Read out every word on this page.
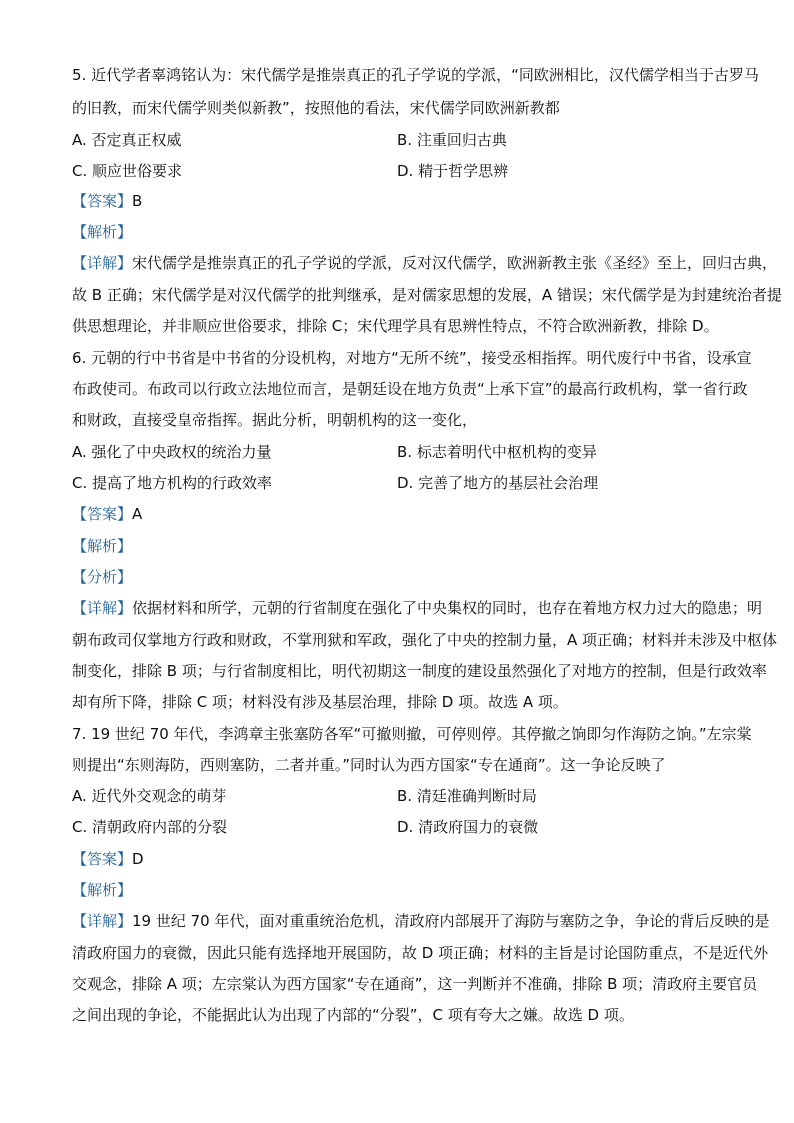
5. 近代学者辜鸿铭认为：宋代儒学是推崇真正的孔子学说的学派，“同欧洲相比，汉代儒学相当于古罗马
的旧教，而宋代儒学则类似新教”，按照他的看法，宋代儒学同欧洲新教都
A. 否定真正权威	B. 注重回归古典
C. 顺应世俗要求	D. 精于哲学思辨
【答案】B
【解析】
【详解】宋代儒学是推崇真正的孔子学说的学派，反对汉代儒学，欧洲新教主张《圣经》至上，回归古典，
故 B 正确；宋代儒学是对汉代儒学的批判继承，是对儒家思想的发展，A 错误；宋代儒学是为封建统治者提
供思想理论，并非顺应世俗要求，排除 C；宋代理学具有思辨性特点，不符合欧洲新教，排除 D。
6. 元朝的行中书省是中书省的分设机构，对地方“无所不统”，接受丞相指挥。明代废行中书省，设承宣
布政使司。布政司以行政立法地位而言，是朝廷设在地方负责“上承下宣”的最高行政机构，掌一省行政
和财政，直接受皇帝指挥。据此分析，明朝机构的这一变化，
A. 强化了中央政权的统治力量	B. 标志着明代中枢机构的变异
C. 提高了地方机构的行政效率	D. 完善了地方的基层社会治理
【答案】A
【解析】
【分析】
【详解】依据材料和所学，元朝的行省制度在强化了中央集权的同时，也存在着地方权力过大的隐患；明
朝布政司仅掌地方行政和财政，不掌刑狱和军政，强化了中央的控制力量，A 项正确；材料并未涉及中枢体
制变化，排除 B 项；与行省制度相比，明代初期这一制度的建设虽然强化了对地方的控制，但是行政效率
却有所下降，排除 C 项；材料没有涉及基层治理，排除 D 项。故选 A 项。
7. 19 世纪 70 年代，李鸿章主张塞防各军“可撤则撤，可停则停。其停撤之饷即匀作海防之饷。”左宗棠
则提出“东则海防，西则塞防，二者并重。”同时认为西方国家“专在通商”。这一争论反映了
A. 近代外交观念的萌芽	B. 清廷准确判断时局
C. 清朝政府内部的分裂	D. 清政府国力的衰微
【答案】D
【解析】
【详解】19 世纪 70 年代，面对重重统治危机，清政府内部展开了海防与塞防之争，争论的背后反映的是
清政府国力的衰微，因此只能有选择地开展国防，故 D 项正确；材料的主旨是讨论国防重点，不是近代外
交观念，排除 A 项；左宗棠认为西方国家“专在通商”，这一判断并不准确，排除 B 项；清政府主要官员
之间出现的争论，不能据此认为出现了内部的“分裂”，C 项有夸大之嫌。故选 D 项。
